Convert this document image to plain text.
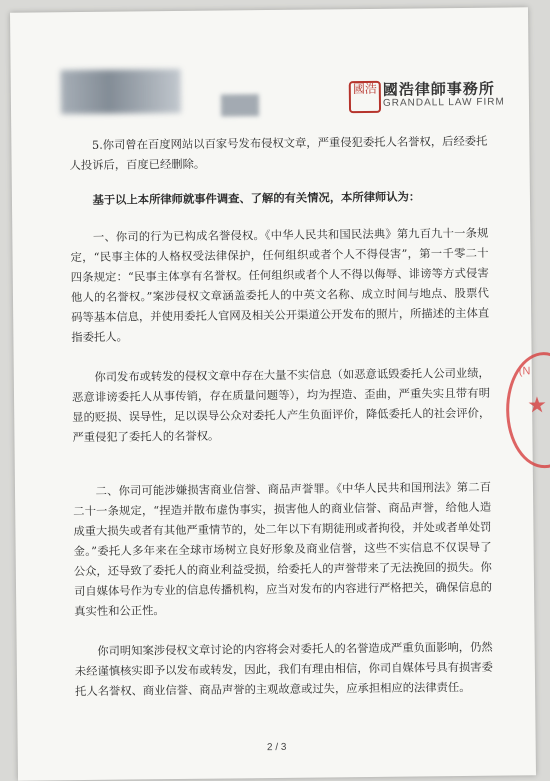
國浩 國浩律師事務所
GRANDALL LAW FIRM
5.你司曾在百度网站以百家号发布侵权文章，严重侵犯委托人名誉权，后经委托人投诉后，百度已经删除。
基于以上本所律师就事件调查、了解的有关情况，本所律师认为：
一、你司的行为已构成名誉侵权。《中华人民共和国民法典》第九百九十一条规定，“民事主体的人格权受法律保护，任何组织或者个人不得侵害”，第一千零二十四条规定：“民事主体享有名誉权。任何组织或者个人不得以侮辱、诽谤等方式侵害他人的名誉权。”案涉侵权文章涵盖委托人的中英文名称、成立时间与地点、股票代码等基本信息，并使用委托人官网及相关公开渠道公开发布的照片，所描述的主体直指委托人。
你司发布或转发的侵权文章中存在大量不实信息（如恶意诋毁委托人公司业绩，恶意诽谤委托人从事传销，存在质量问题等），均为捏造、歪曲，严重失实且带有明显的贬损、误导性，足以误导公众对委托人产生负面评价，降低委托人的社会评价，严重侵犯了委托人的名誉权。
二、你司可能涉嫌损害商业信誉、商品声誉罪。《中华人民共和国刑法》第二百二十一条规定，“捏造并散布虚伪事实，损害他人的商业信誉、商品声誉，给他人造成重大损失或者有其他严重情节的，处二年以下有期徒刑或者拘役，并处或者单处罚金。”委托人多年来在全球市场树立良好形象及商业信誉，这些不实信息不仅误导了公众，还导致了委托人的商业利益受损，给委托人的声誉带来了无法挽回的损失。你司自媒体号作为专业的信息传播机构，应当对发布的内容进行严格把关，确保信息的真实性和公正性。
你司明知案涉侵权文章讨论的内容将会对委托人的名誉造成严重负面影响，仍然未经谨慎核实即予以发布或转发，因此，我们有理由相信，你司自媒体号具有损害委托人名誉权、商业信誉、商品声誉的主观故意或过失，应承担相应的法律责任。
(N
★
2 / 3
